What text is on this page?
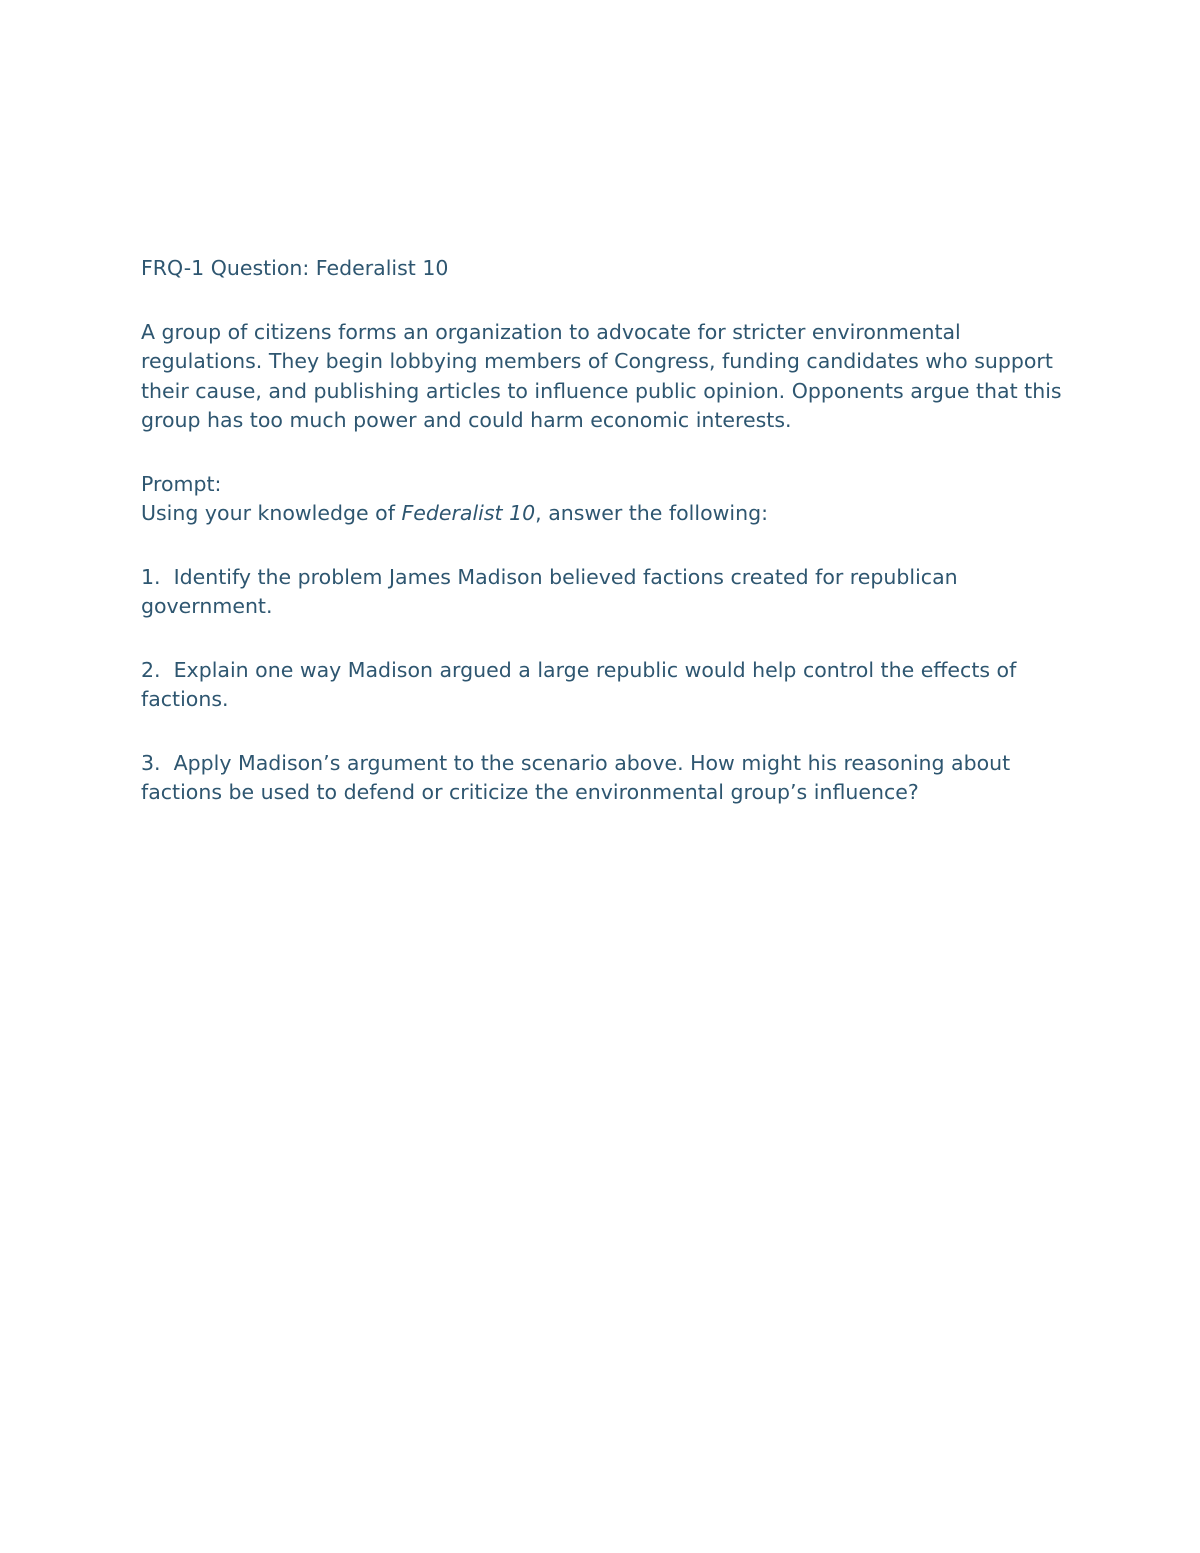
FRQ-1 Question: Federalist 10

A group of citizens forms an organization to advocate for stricter environmental regulations. They begin lobbying members of Congress, funding candidates who support their cause, and publishing articles to influence public opinion. Opponents argue that this group has too much power and could harm economic interests.

Prompt:

Using your knowledge of Federalist 10, answer the following:

1. Identify the problem James Madison believed factions created for republican government.

2. Explain one way Madison argued a large republic would help control the effects of factions.

3. Apply Madison’s argument to the scenario above. How might his reasoning about factions be used to defend or criticize the environmental group’s influence?
